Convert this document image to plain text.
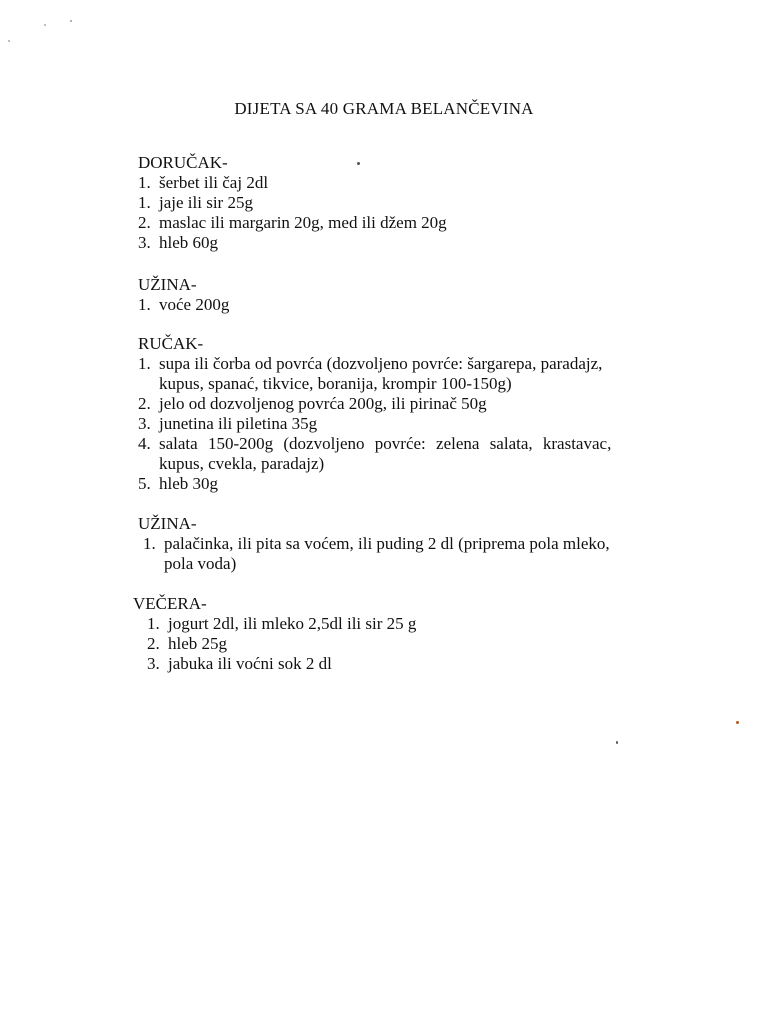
DIJETA SA 40 GRAMA BELANČEVINA
DORUČAK-
1. šerbet ili čaj 2dl
1. jaje ili sir 25g
2. maslac ili margarin 20g, med ili džem 20g
3. hleb 60g
UŽINA-
1. voće 200g
RUČAK-
1. supa ili čorba od povrća (dozvoljeno povrće: šargarepa, paradajz,
kupus, spanać, tikvice, boranija, krompir 100-150g)
2. jelo od dozvoljenog povrća 200g, ili pirinač 50g
3. junetina ili piletina 35g
4. salata 150-200g (dozvoljeno povrće: zelena salata, krastavac,
kupus, cvekla, paradajz)
5. hleb 30g
UŽINA-
1. palačinka, ili pita sa voćem, ili puding 2 dl (priprema pola mleko,
pola voda)
VEČERA-
1. jogurt 2dl, ili mleko 2,5dl ili sir 25 g
2. hleb 25g
3. jabuka ili voćni sok 2 dl
